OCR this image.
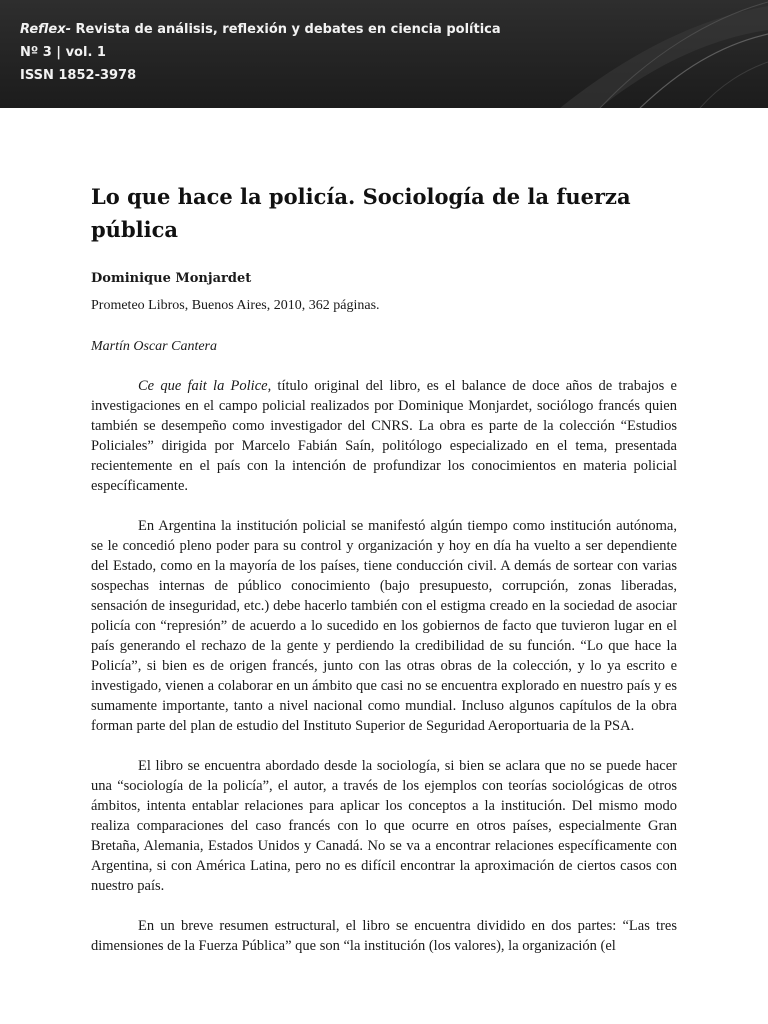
Reflex- Revista de análisis, reflexión y debates en ciencia política
Nº 3 | vol. 1
ISSN 1852-3978
Lo que hace la policía. Sociología de la fuerza pública
Dominique Monjardet
Prometeo Libros, Buenos Aires, 2010, 362 páginas.
Martín Oscar Cantera

Ce que fait la Police, título original del libro, es el balance de doce años de trabajos e investigaciones en el campo policial realizados por Dominique Monjardet, sociólogo francés quien también se desempeño como investigador del CNRS. La obra es parte de la colección “Estudios Policiales” dirigida por Marcelo Fabián Saín, politólogo especializado en el tema, presentada recientemente en el país con la intención de profundizar los conocimientos en materia policial específicamente.

En Argentina la institución policial se manifestó algún tiempo como institución autónoma, se le concedió pleno poder para su control y organización y hoy en día ha vuelto a ser dependiente del Estado, como en la mayoría de los países, tiene conducción civil. A demás de sortear con varias sospechas internas de público conocimiento (bajo presupuesto, corrupción, zonas liberadas, sensación de inseguridad, etc.) debe hacerlo también con el estigma creado en la sociedad de asociar policía con “represión” de acuerdo a lo sucedido en los gobiernos de facto que tuvieron lugar en el país generando el rechazo de la gente y perdiendo la credibilidad de su función. “Lo que hace la Policía”, si bien es de origen francés, junto con las otras obras de la colección, y lo ya escrito e investigado, vienen a colaborar en un ámbito que casi no se encuentra explorado en nuestro país y es sumamente importante, tanto a nivel nacional como mundial. Incluso algunos capítulos de la obra forman parte del plan de estudio del Instituto Superior de Seguridad Aeroportuaria de la PSA.

El libro se encuentra abordado desde la sociología, si bien se aclara que no se puede hacer una “sociología de la policía”, el autor, a través de los ejemplos con teorías sociológicas de otros ámbitos, intenta entablar relaciones para aplicar los conceptos a la institución. Del mismo modo realiza comparaciones del caso francés con lo que ocurre en otros países, especialmente Gran Bretaña, Alemania, Estados Unidos y Canadá. No se va a encontrar relaciones específicamente con Argentina, si con América Latina, pero no es difícil encontrar la aproximación de ciertos casos con nuestro país.

En un breve resumen estructural, el libro se encuentra dividido en dos partes: “Las tres dimensiones de la Fuerza Pública” que son “la institución (los valores), la organización (el
